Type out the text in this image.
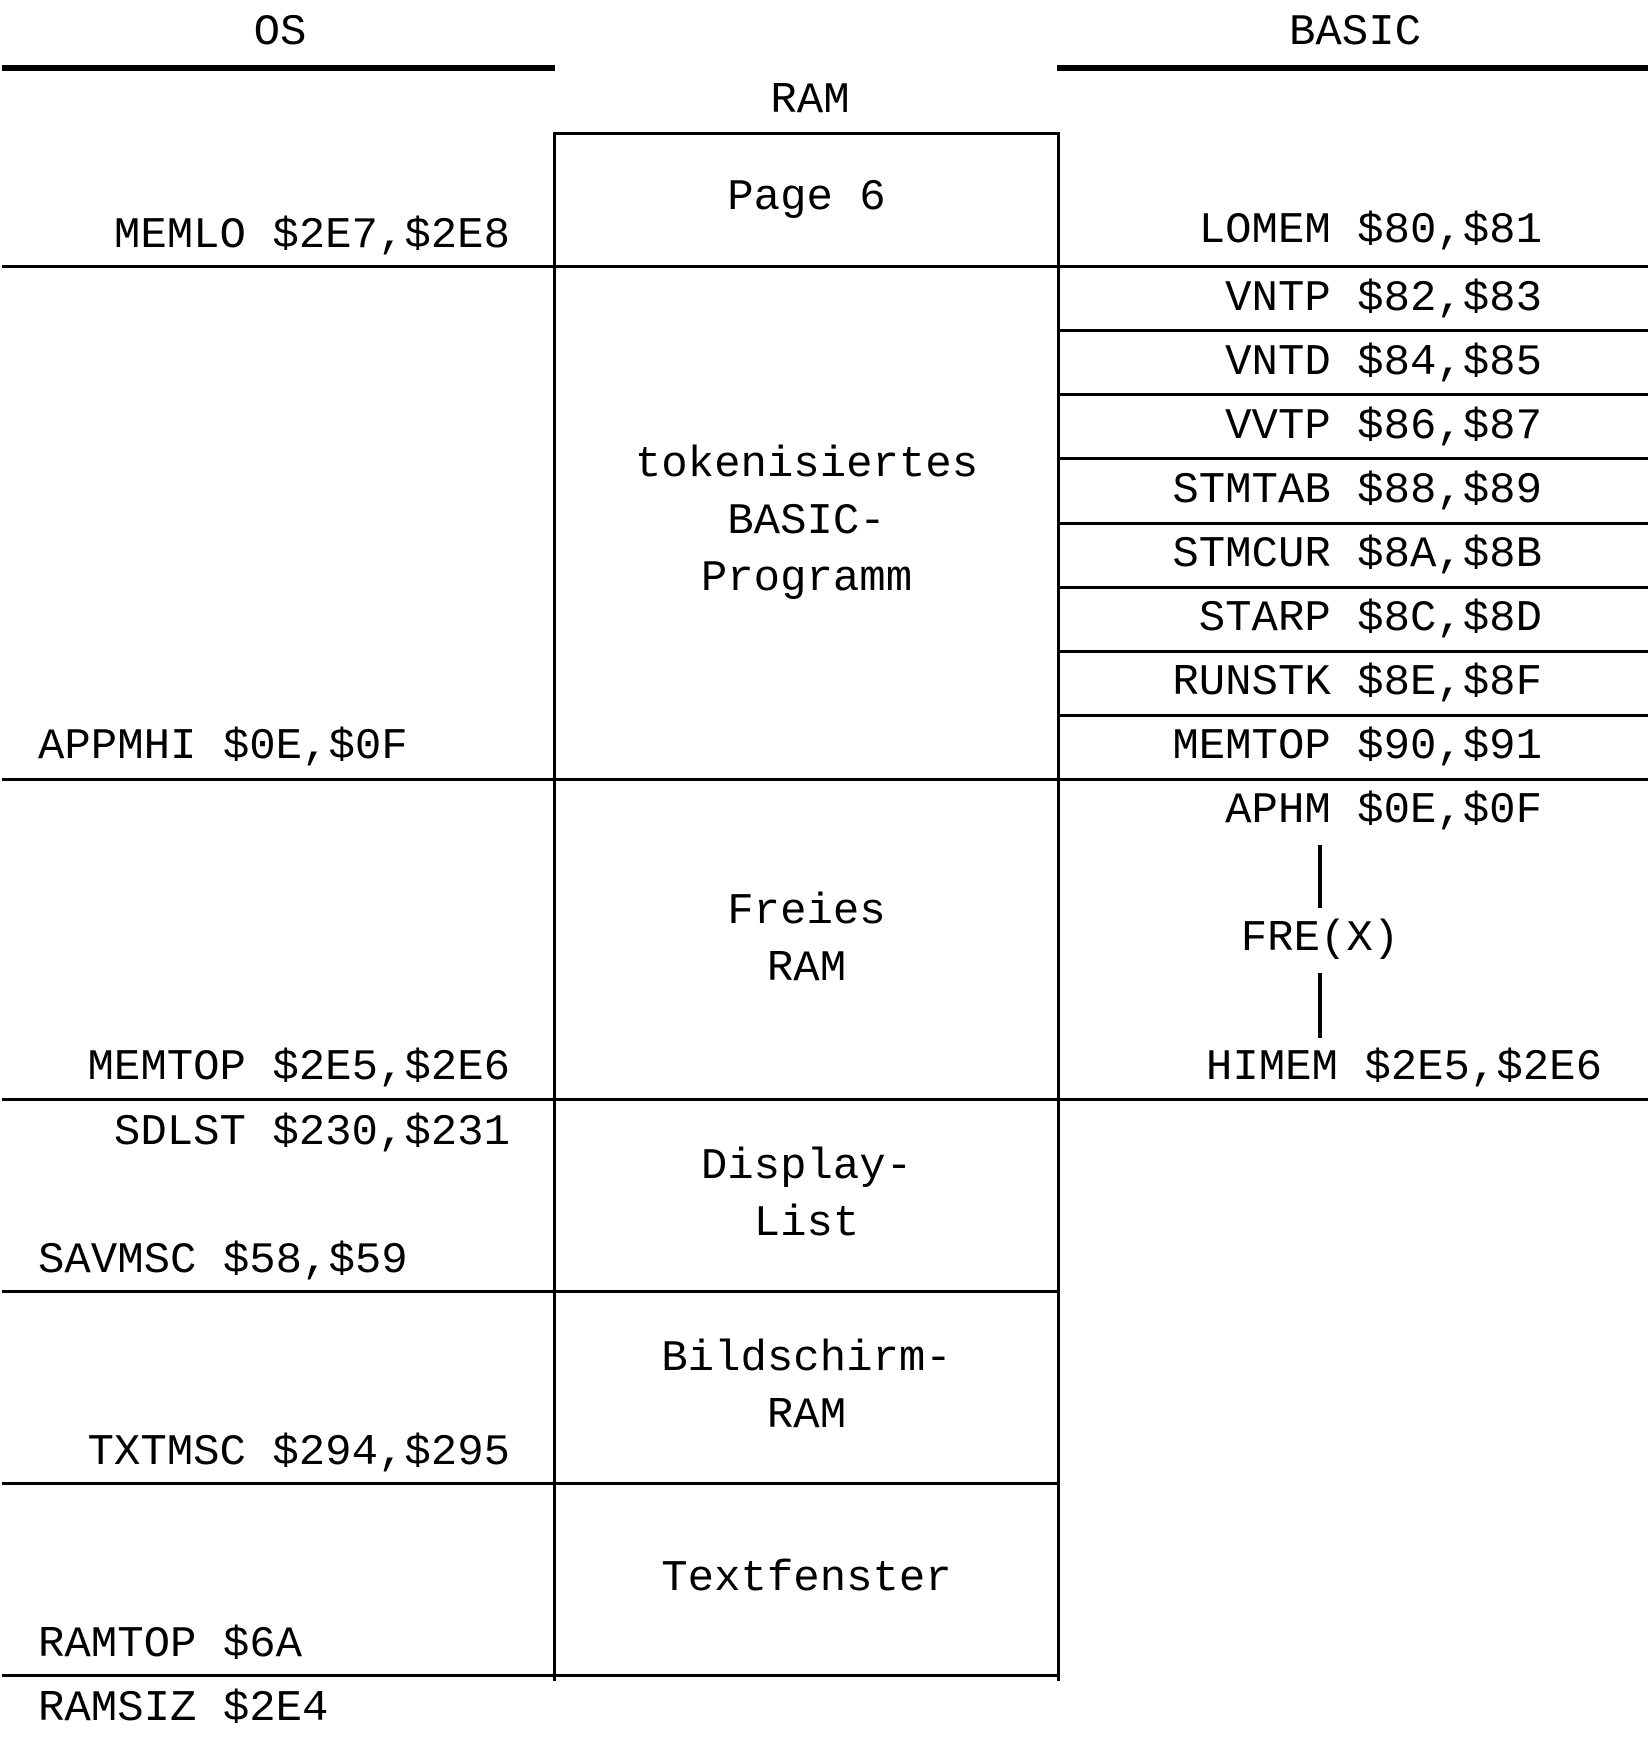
OS	BASIC
RAM
Page 6
tokenisiertes
BASIC-
Programm
Freies
RAM
Display-
List
Bildschirm-
RAM
Textfenster
MEMLO $2E7,$2E8
APPMHI $0E,$0F
MEMTOP $2E5,$2E6
SDLST $230,$231
SAVMSC $58,$59
TXTMSC $294,$295
RAMTOP $6A
RAMSIZ $2E4
LOMEM $80,$81
VNTP $82,$83
VNTD $84,$85
VVTP $86,$87
STMTAB $88,$89
STMCUR $8A,$8B
STARP $8C,$8D
RUNSTK $8E,$8F
MEMTOP $90,$91
APHM $0E,$0F
FRE(X)
HIMEM $2E5,$2E6
